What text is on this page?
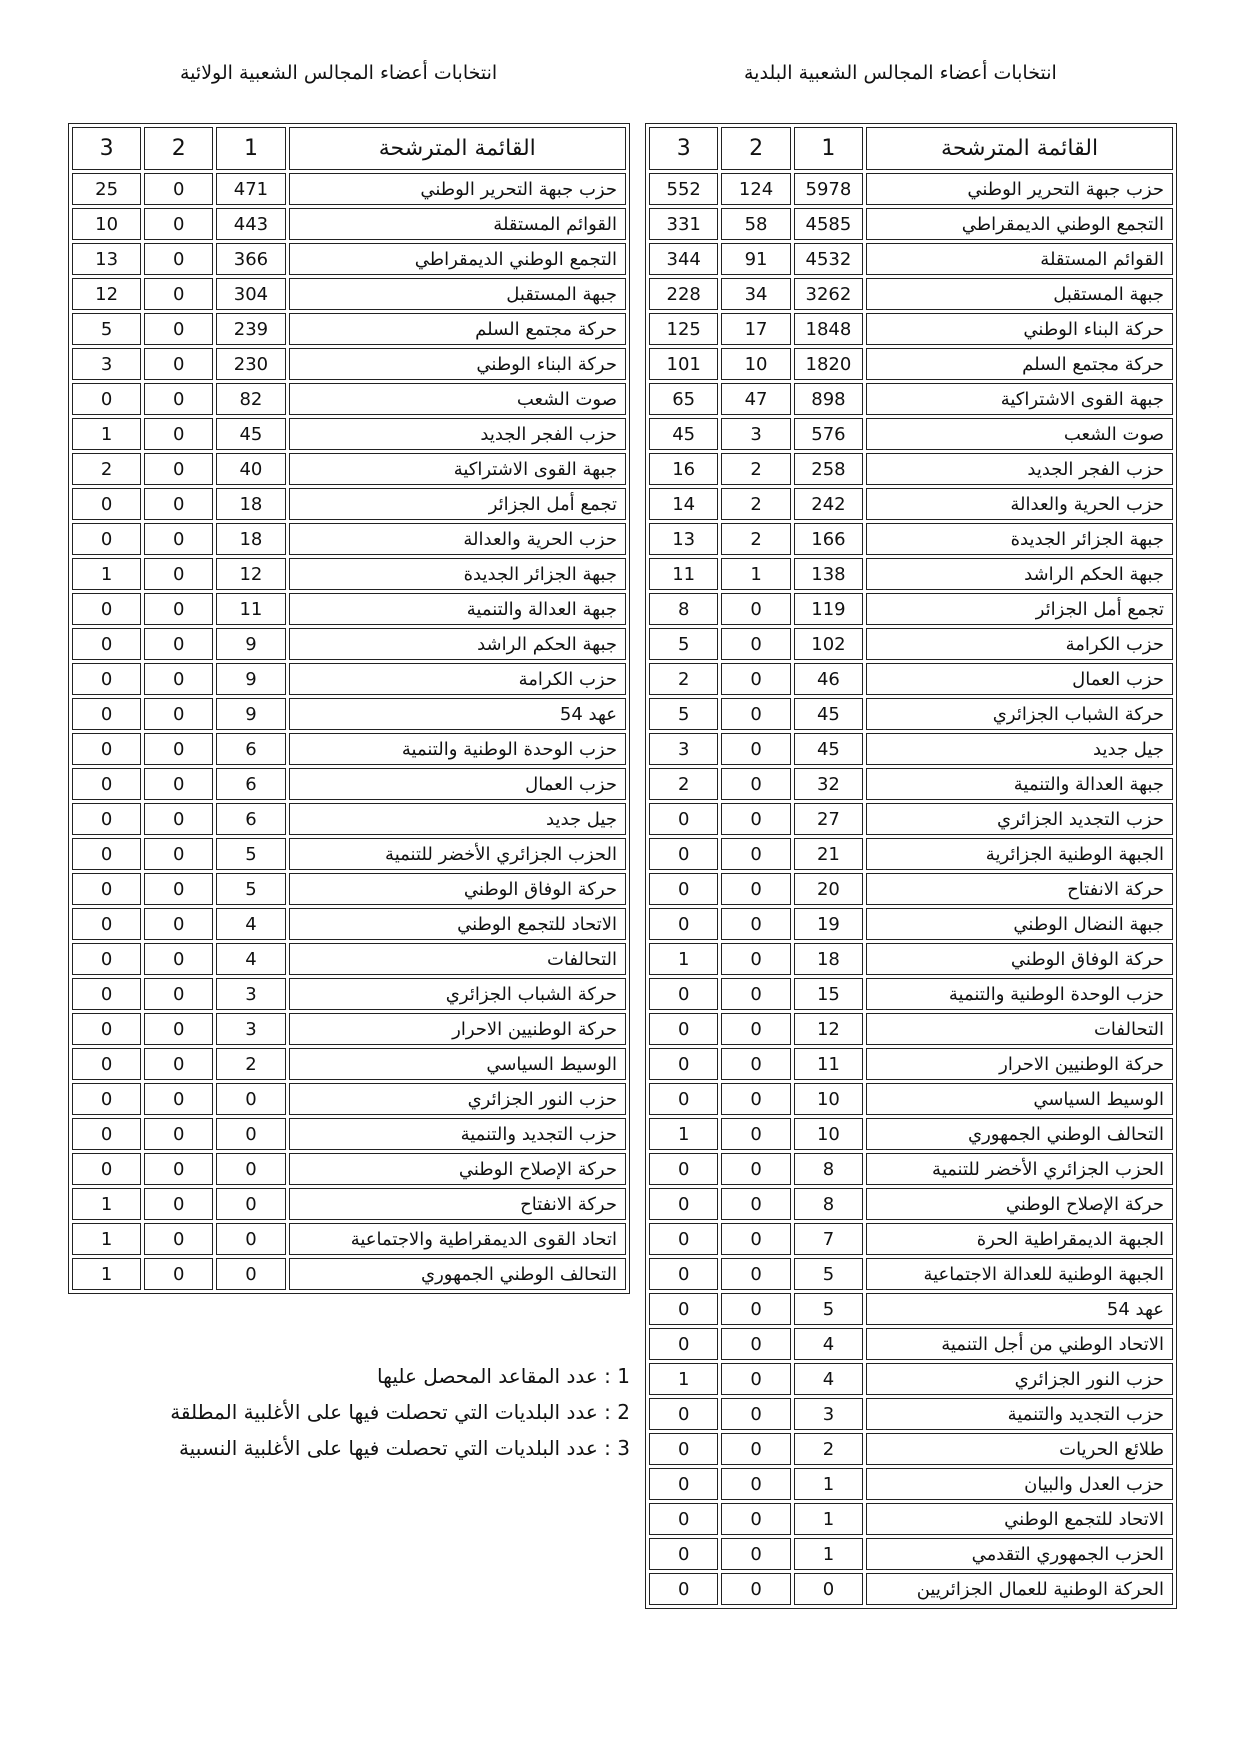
انتخابات أعضاء المجالس الشعبية الولائية	انتخابات أعضاء المجالس الشعبية البلدية
القائمة المترشحة	1	2	3
حزب جبهة التحرير الوطني	471	0	25
القوائم المستقلة	443	0	10
التجمع الوطني الديمقراطي	366	0	13
جبهة المستقبل	304	0	12
حركة مجتمع السلم	239	0	5
حركة البناء الوطني	230	0	3
صوت الشعب	82	0	0
حزب الفجر الجديد	45	0	1
جبهة القوى الاشتراكية	40	0	2
تجمع أمل الجزائر	18	0	0
حزب الحرية والعدالة	18	0	0
جبهة الجزائر الجديدة	12	0	1
جبهة العدالة والتنمية	11	0	0
جبهة الحكم الراشد	9	0	0
حزب الكرامة	9	0	0
عهد 54	9	0	0
حزب الوحدة الوطنية والتنمية	6	0	0
حزب العمال	6	0	0
جيل جديد	6	0	0
الحزب الجزائري الأخضر للتنمية	5	0	0
حركة الوفاق الوطني	5	0	0
الاتحاد للتجمع الوطني	4	0	0
التحالفات	4	0	0
حركة الشباب الجزائري	3	0	0
حركة الوطنيين الاحرار	3	0	0
الوسيط السياسي	2	0	0
حزب النور الجزائري	0	0	0
حزب التجديد والتنمية	0	0	0
حركة الإصلاح الوطني	0	0	0
حركة الانفتاح	0	0	1
اتحاد القوى الديمقراطية والاجتماعية	0	0	1
التحالف الوطني الجمهوري	0	0	1
القائمة المترشحة	1	2	3
حزب جبهة التحرير الوطني	5978	124	552
التجمع الوطني الديمقراطي	4585	58	331
القوائم المستقلة	4532	91	344
جبهة المستقبل	3262	34	228
حركة البناء الوطني	1848	17	125
حركة مجتمع السلم	1820	10	101
جبهة القوى الاشتراكية	898	47	65
صوت الشعب	576	3	45
حزب الفجر الجديد	258	2	16
حزب الحرية والعدالة	242	2	14
جبهة الجزائر الجديدة	166	2	13
جبهة الحكم الراشد	138	1	11
تجمع أمل الجزائر	119	0	8
حزب الكرامة	102	0	5
حزب العمال	46	0	2
حركة الشباب الجزائري	45	0	5
جيل جديد	45	0	3
جبهة العدالة والتنمية	32	0	2
حزب التجديد الجزائري	27	0	0
الجبهة الوطنية الجزائرية	21	0	0
حركة الانفتاح	20	0	0
جبهة النضال الوطني	19	0	0
حركة الوفاق الوطني	18	0	1
حزب الوحدة الوطنية والتنمية	15	0	0
التحالفات	12	0	0
حركة الوطنيين الاحرار	11	0	0
الوسيط السياسي	10	0	0
التحالف الوطني الجمهوري	10	0	1
الحزب الجزائري الأخضر للتنمية	8	0	0
حركة الإصلاح الوطني	8	0	0
الجبهة الديمقراطية الحرة	7	0	0
الجبهة الوطنية للعدالة الاجتماعية	5	0	0
عهد 54	5	0	0
الاتحاد الوطني من أجل التنمية	4	0	0
حزب النور الجزائري	4	0	1
حزب التجديد والتنمية	3	0	0
طلائع الحريات	2	0	0
حزب العدل والبيان	1	0	0
الاتحاد للتجمع الوطني	1	0	0
الحزب الجمهوري التقدمي	1	0	0
الحركة الوطنية للعمال الجزائريين	0	0	0
1 : عدد المقاعد المحصل عليها
2 : عدد البلديات التي تحصلت فيها على الأغلبية المطلقة
3 : عدد البلديات التي تحصلت فيها على الأغلبية النسبية
